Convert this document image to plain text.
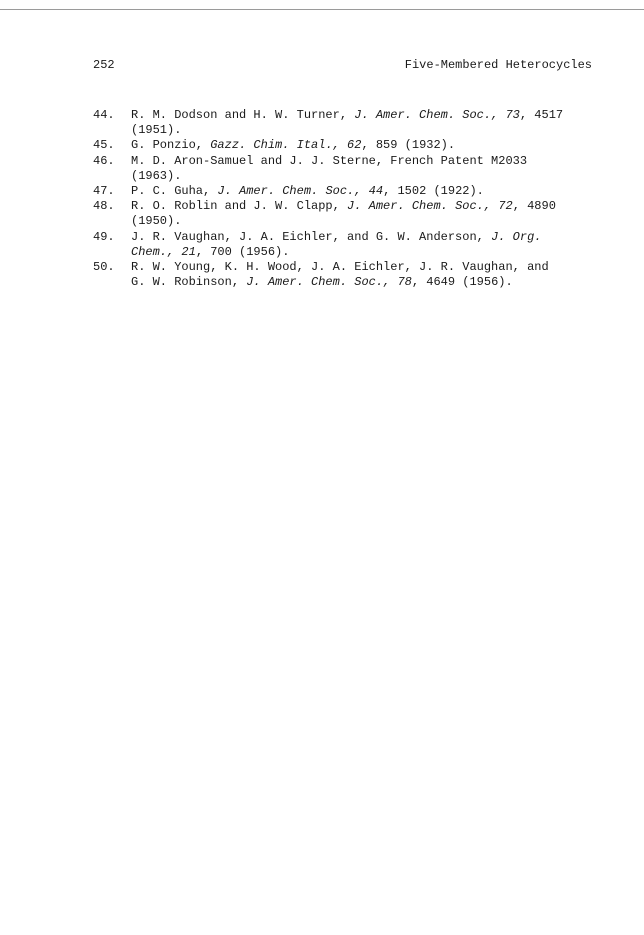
252	Five-Membered Heterocycles
44.	R. M. Dodson and H. W. Turner, J. Amer. Chem. Soc., 73, 4517
(1951).
45.	G. Ponzio, Gazz. Chim. Ital., 62, 859 (1932).
46.	M. D. Aron-Samuel and J. J. Sterne, French Patent M2033
(1963).
47.	P. C. Guha, J. Amer. Chem. Soc., 44, 1502 (1922).
48.	R. O. Roblin and J. W. Clapp, J. Amer. Chem. Soc., 72, 4890
(1950).
49.	J. R. Vaughan, J. A. Eichler, and G. W. Anderson, J. Org.
Chem., 21, 700 (1956).
50.	R. W. Young, K. H. Wood, J. A. Eichler, J. R. Vaughan, and
G. W. Robinson, J. Amer. Chem. Soc., 78, 4649 (1956).
